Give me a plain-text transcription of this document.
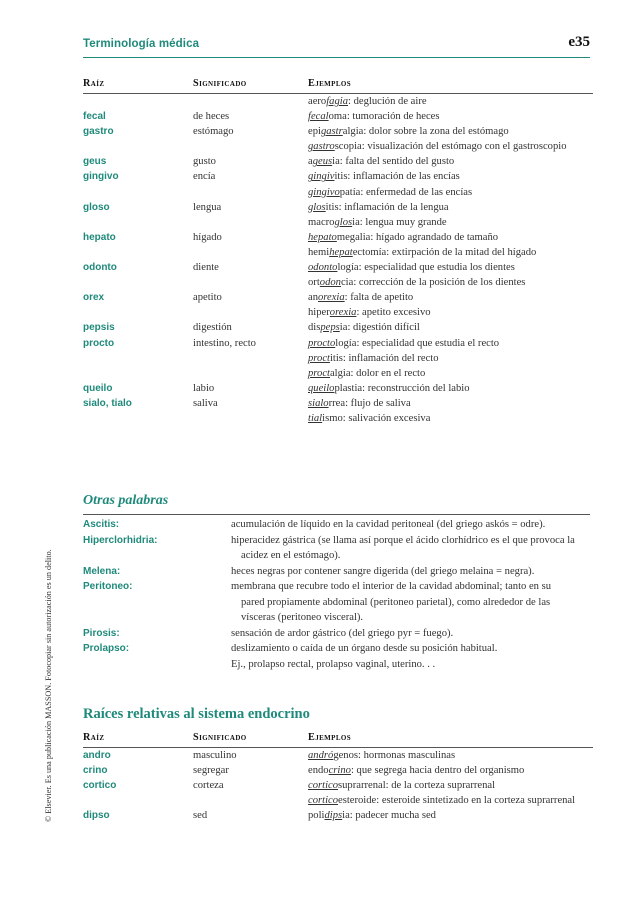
Terminología médica	e35
© Elsevier. Es una publicación MASSON. Fotocopiar sin autorización es un delito.
Raíz	Significado	Ejemplos
		aerofagia: deglución de aire
fecal	de heces	fecaloma: tumoración de heces
gastro	estómago	epigastralgia: dolor sobre la zona del estómago
		gastroscopia: visualización del estómago con el gastroscopio
geus	gusto	ageusia: falta del sentido del gusto
gingivo	encía	gingivitis: inflamación de las encías
		gingivopatía: enfermedad de las encías
gloso	lengua	glositis: inflamación de la lengua
		macroglosia: lengua muy grande
hepato	hígado	hepatomegalia: hígado agrandado de tamaño
		hemihepatectomía: extirpación de la mitad del hígado
odonto	diente	odontología: especialidad que estudia los dientes
		ortodoncia: corrección de la posición de los dientes
orex	apetito	anorexia: falta de apetito
		hiperorexia: apetito excesivo
pepsis	digestión	dispepsia: digestión difícil
procto	intestino, recto	proctología: especialidad que estudia el recto
		proctitis: inflamación del recto
		proctalgia: dolor en el recto
queilo	labio	queiloplastia: reconstrucción del labio
sialo, tialo	saliva	sialorrea: flujo de saliva
		tialismo: salivación excesiva
Otras palabras
Ascitis:	acumulación de líquido en la cavidad peritoneal (del griego askós = odre).
Hiperclorhidria:	hiperacidez gástrica (se llama así porque el ácido clorhídrico es el que provoca la
acidez en el estómago).
Melena:	heces negras por contener sangre digerida (del griego melaina = negra).
Peritoneo:	membrana que recubre todo el interior de la cavidad abdominal; tanto en su
pared propiamente abdominal (peritoneo parietal), como alrededor de las
vísceras (peritoneo visceral).
Pirosis:	sensación de ardor gástrico (del griego pyr = fuego).
Prolapso:	deslizamiento o caída de un órgano desde su posición habitual.
Ej., prolapso rectal, prolapso vaginal, uterino. . .
Raíces relativas al sistema endocrino
Raíz	Significado	Ejemplos
andro	masculino	andrógenos: hormonas masculinas
crino	segregar	endocrino: que segrega hacia dentro del organismo
cortico	corteza	corticosuprarrenal: de la corteza suprarrenal
		corticoesteroide: esteroide sintetizado en la corteza suprarrenal
dipso	sed	polidipsia: padecer mucha sed
